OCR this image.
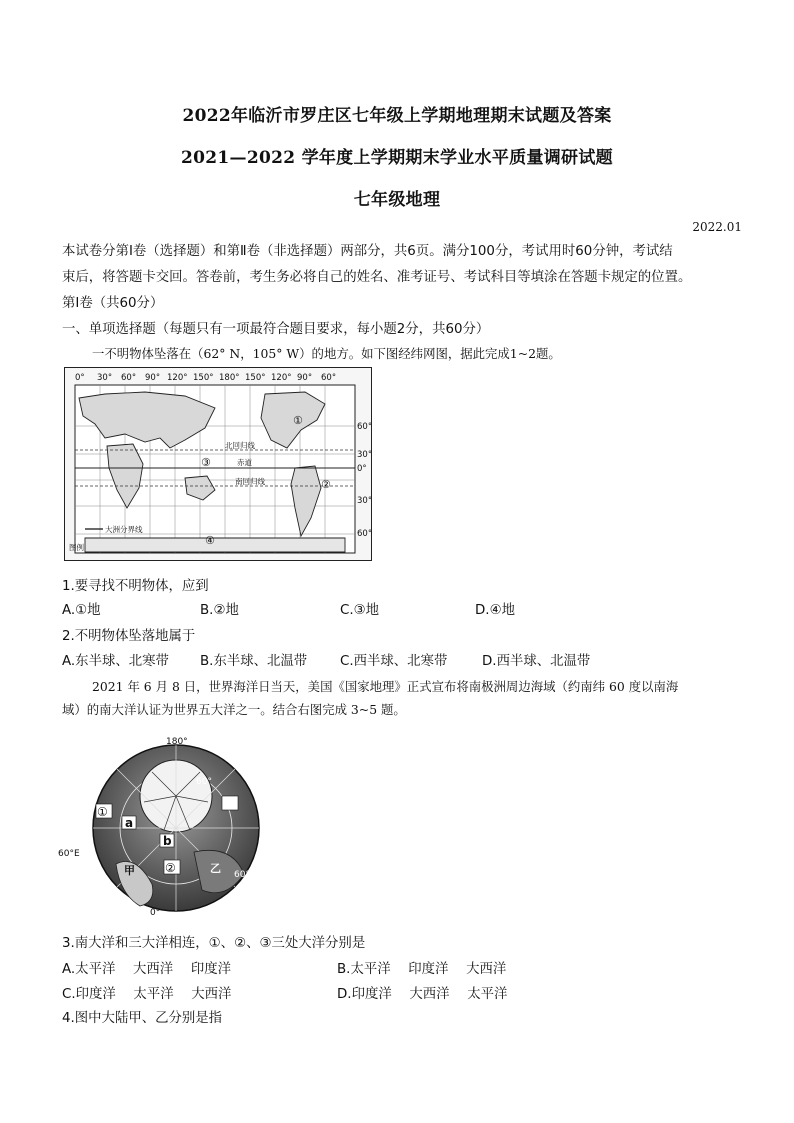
2022年临沂市罗庄区七年级上学期地理期末试题及答案
2021—2022 学年度上学期期末学业水平质量调研试题
七年级地理
2022.01
本试卷分第Ⅰ卷（选择题）和第Ⅱ卷（非选择题）两部分，共6页。满分100分，考试用时60分钟，考试结
束后，将答题卡交回。答卷前，考生务必将自己的姓名、准考证号、考试科目等填涂在答题卡规定的位置。
第Ⅰ卷（共60分）
一、单项选择题（每题只有一项最符合题目要求，每小题2分，共60分）
一不明物体坠落在（62° N，105° W）的地方。如下图经纬网图，据此完成1~2题。
0° 30° 60° 90° 120° 150° 180° 150° 120° 90° 60°
60°
30°
0°
30°
60°
①
②
③
④
北回归线
赤道
南回归线
大洲分界线
图例
1.要寻找不明物体，应到
A.①地	B.②地	C.③地	D.④地
2.不明物体坠落地属于
A.东半球、北寒带 B.东半球、北温带 C.西半球、北寒带	D.西半球、北温带
2021 年 6 月 8 日，世界海洋日当天，美国《国家地理》正式宣布将南极洲周边海域（约南纬 60 度以南海
域）的南大洋认证为世界五大洋之一。结合右图完成 3~5 题。
180°
60°
60°E
60°W
0°
①
②
③
a
b
甲	乙
3.南大洋和三大洋相连，①、②、③三处大洋分别是
A.太平洋　 大西洋　 印度洋	B.太平洋　 印度洋　 大西洋
C.印度洋　 太平洋　 大西洋	D.印度洋　 大西洋　 太平洋
4.图中大陆甲、乙分别是指
